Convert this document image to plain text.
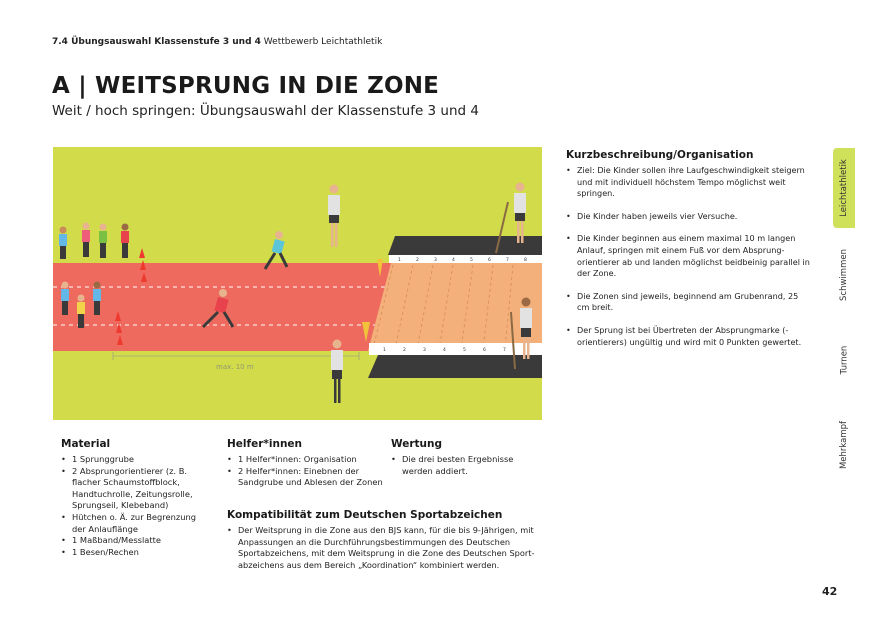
7.4 Übungsauswahl Klassenstufe 3 und 4 Wettbewerb Leichtathletik
A | WEITSPRUNG IN DIE ZONE
Weit / hoch springen: Übungsauswahl der Klassenstufe 3 und 4
1	2	3	4	5	6	7	8
1	2	3	4	5	6	7
max. 10 m
Kurzbeschreibung/Organisation
• Ziel: Die Kinder sollen ihre Laufgeschwindigkeit steigern und mit individuell höchstem Tempo möglichst weit springen.
• Die Kinder haben jeweils vier Versuche.
• Die Kinder beginnen aus einem maximal 10 m langen Anlauf, springen mit einem Fuß vor dem Absprung-orientierer ab und landen möglichst beidbeinig parallel in der Zone.
• Die Zonen sind jeweils, beginnend am Grubenrand, 25 cm breit.
• Der Sprung ist bei Übertreten der Absprungmarke (-orientierers) ungültig und wird mit 0 Punkten gewertet.
Material
• 1 Sprunggrube
• 2 Absprungorientierer (z. B. flacher Schaumstoffblock, Handtuchrolle, Zeitungsrolle, Sprungseil, Klebeband)
• Hütchen o. Ä. zur Begrenzung der Anlauflänge
• 1 Maßband/Messlatte
• 1 Besen/Rechen
Helfer*innen
• 1 Helfer*innen: Organisation
• 2 Helfer*innen: Einebnen der Sandgrube und Ablesen der Zonen
Wertung
• Die drei besten Ergebnisse werden addiert.
Kompatibilität zum Deutschen Sportabzeichen
• Der Weitsprung in die Zone aus den BJS kann, für die bis 9-Jährigen, mit Anpassungen an die Durchführungsbestimmungen des Deutschen Sportabzeichens, mit dem Weitsprung in die Zone des Deutschen Sport-abzeichens aus dem Bereich „Koordination“ kombiniert werden.
Leichtathletik
Schwimmen
Turnen
Mehrkampf
42
